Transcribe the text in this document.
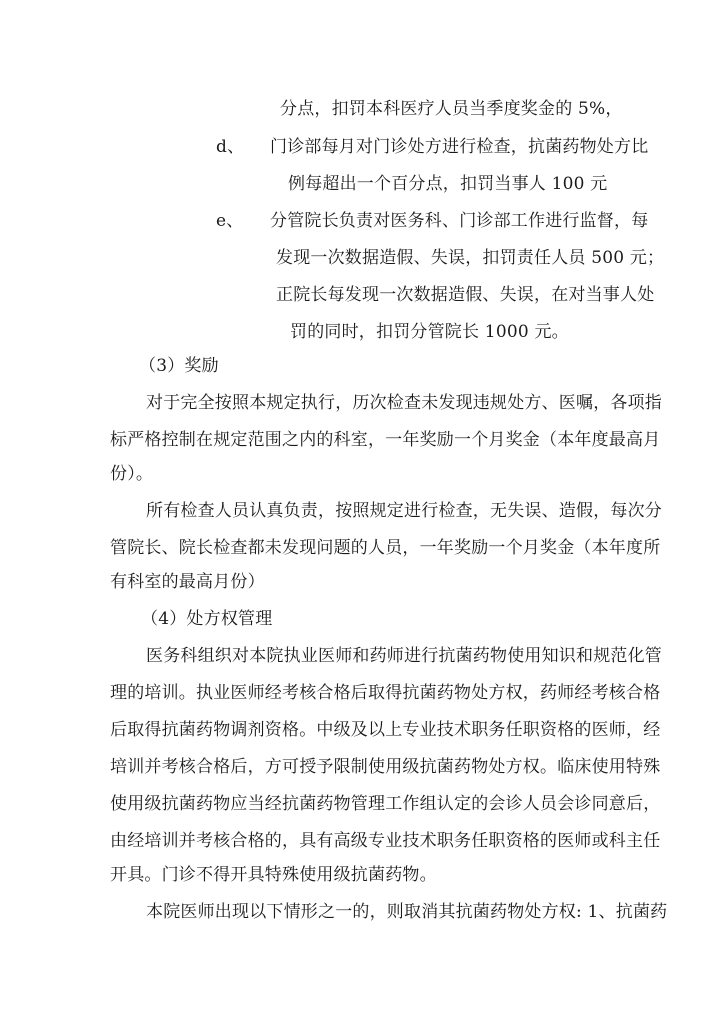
分点，扣罚本科医疗人员当季度奖金的 5%，
d、 门诊部每月对门诊处方进行检查，抗菌药物处方比
例每超出一个百分点，扣罚当事人 100 元
e、 分管院长负责对医务科、门诊部工作进行监督，每
发现一次数据造假、失误，扣罚责任人员 500 元；
正院长每发现一次数据造假、失误，在对当事人处
罚的同时，扣罚分管院长 1000 元。
（3）奖励
对于完全按照本规定执行，历次检查未发现违规处方、医嘱，各项指
标严格控制在规定范围之内的科室，一年奖励一个月奖金（本年度最高月
份）。
所有检查人员认真负责，按照规定进行检查，无失误、造假，每次分
管院长、院长检查都未发现问题的人员，一年奖励一个月奖金（本年度所
有科室的最高月份）
（4）处方权管理
医务科组织对本院执业医师和药师进行抗菌药物使用知识和规范化管
理的培训。执业医师经考核合格后取得抗菌药物处方权，药师经考核合格
后取得抗菌药物调剂资格。中级及以上专业技术职务任职资格的医师，经
培训并考核合格后，方可授予限制使用级抗菌药物处方权。临床使用特殊
使用级抗菌药物应当经抗菌药物管理工作组认定的会诊人员会诊同意后，
由经培训并考核合格的，具有高级专业技术职务任职资格的医师或科主任
开具。门诊不得开具特殊使用级抗菌药物。
本院医师出现以下情形之一的，则取消其抗菌药物处方权: 1、抗菌药
